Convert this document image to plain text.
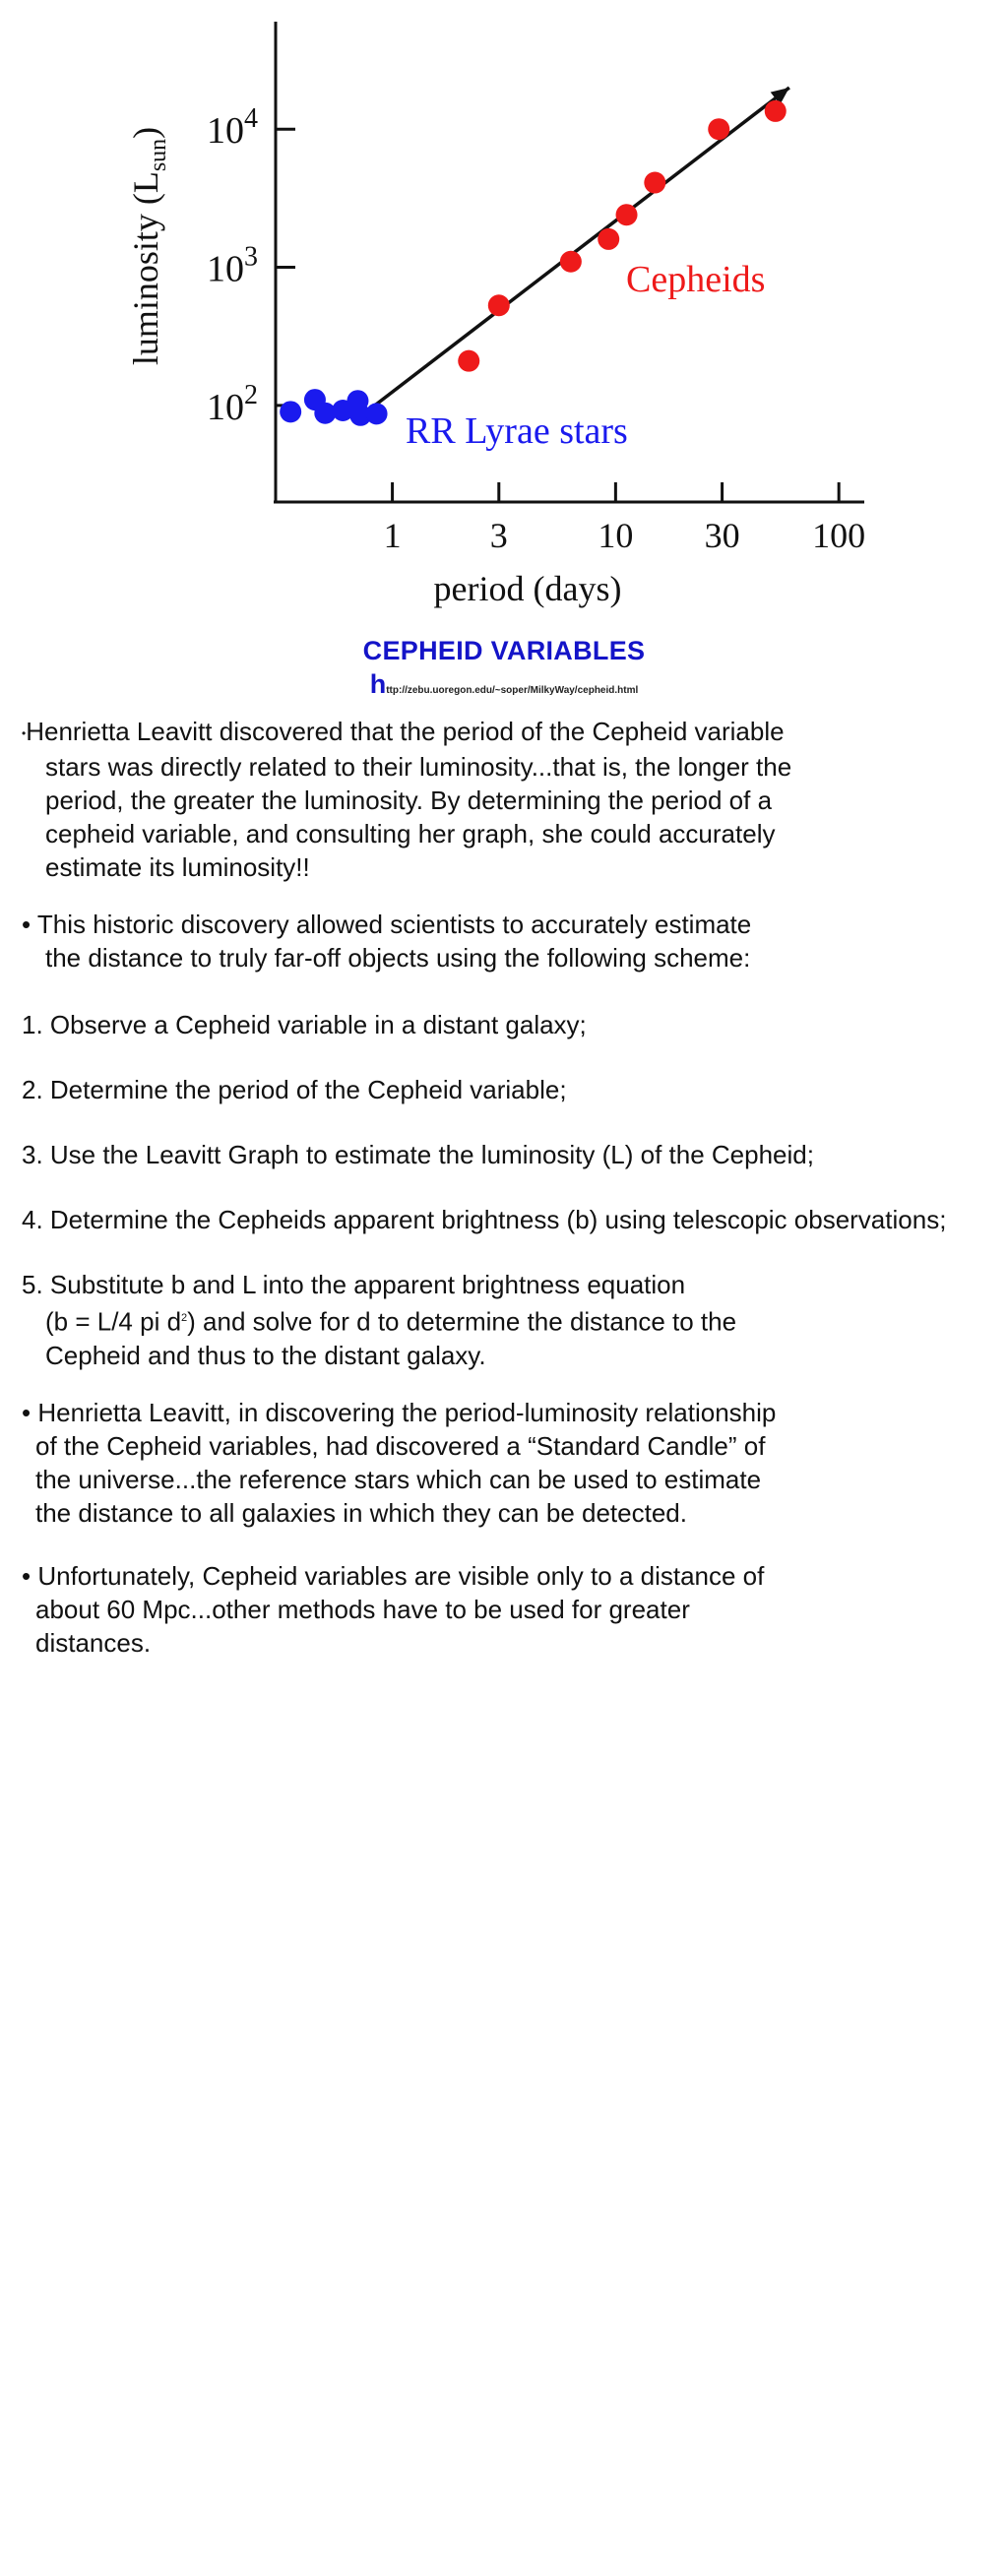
1	3	10 30 100
$10^2$
$10^3$
$10^4$
period (days)
luminosity $(L_{sun})$
Cepheids
RR Lyrae stars
CEPHEID VARIABLES
http://zebu.uoregon.edu/~soper/MilkyWay/cepheid.html
•Henrietta Leavitt discovered that the period of the Cepheid variable
stars was directly related to their luminosity...that is, the longer the
period, the greater the luminosity. By determining the period of a
cepheid variable, and consulting her graph, she could accurately
estimate its luminosity!!
• This historic discovery allowed scientists to accurately estimate
the distance to truly far-off objects using the following scheme:
1. Observe a Cepheid variable in a distant galaxy;
2. Determine the period of the Cepheid variable;
3. Use the Leavitt Graph to estimate the luminosity (L) of the Cepheid;
4. Determine the Cepheids apparent brightness (b) using telescopic observations;
5. Substitute b and L into the apparent brightness equation
(b = L/4 pi $d^2$) and solve for d to determine the distance to the
Cepheid and thus to the distant galaxy.
• Henrietta Leavitt, in discovering the period-luminosity relationship
of the Cepheid variables, had discovered a “Standard Candle” of
the universe...the reference stars which can be used to estimate
the distance to all galaxies in which they can be detected.
• Unfortunately, Cepheid variables are visible only to a distance of
about 60 Mpc...other methods have to be used for greater
distances.
